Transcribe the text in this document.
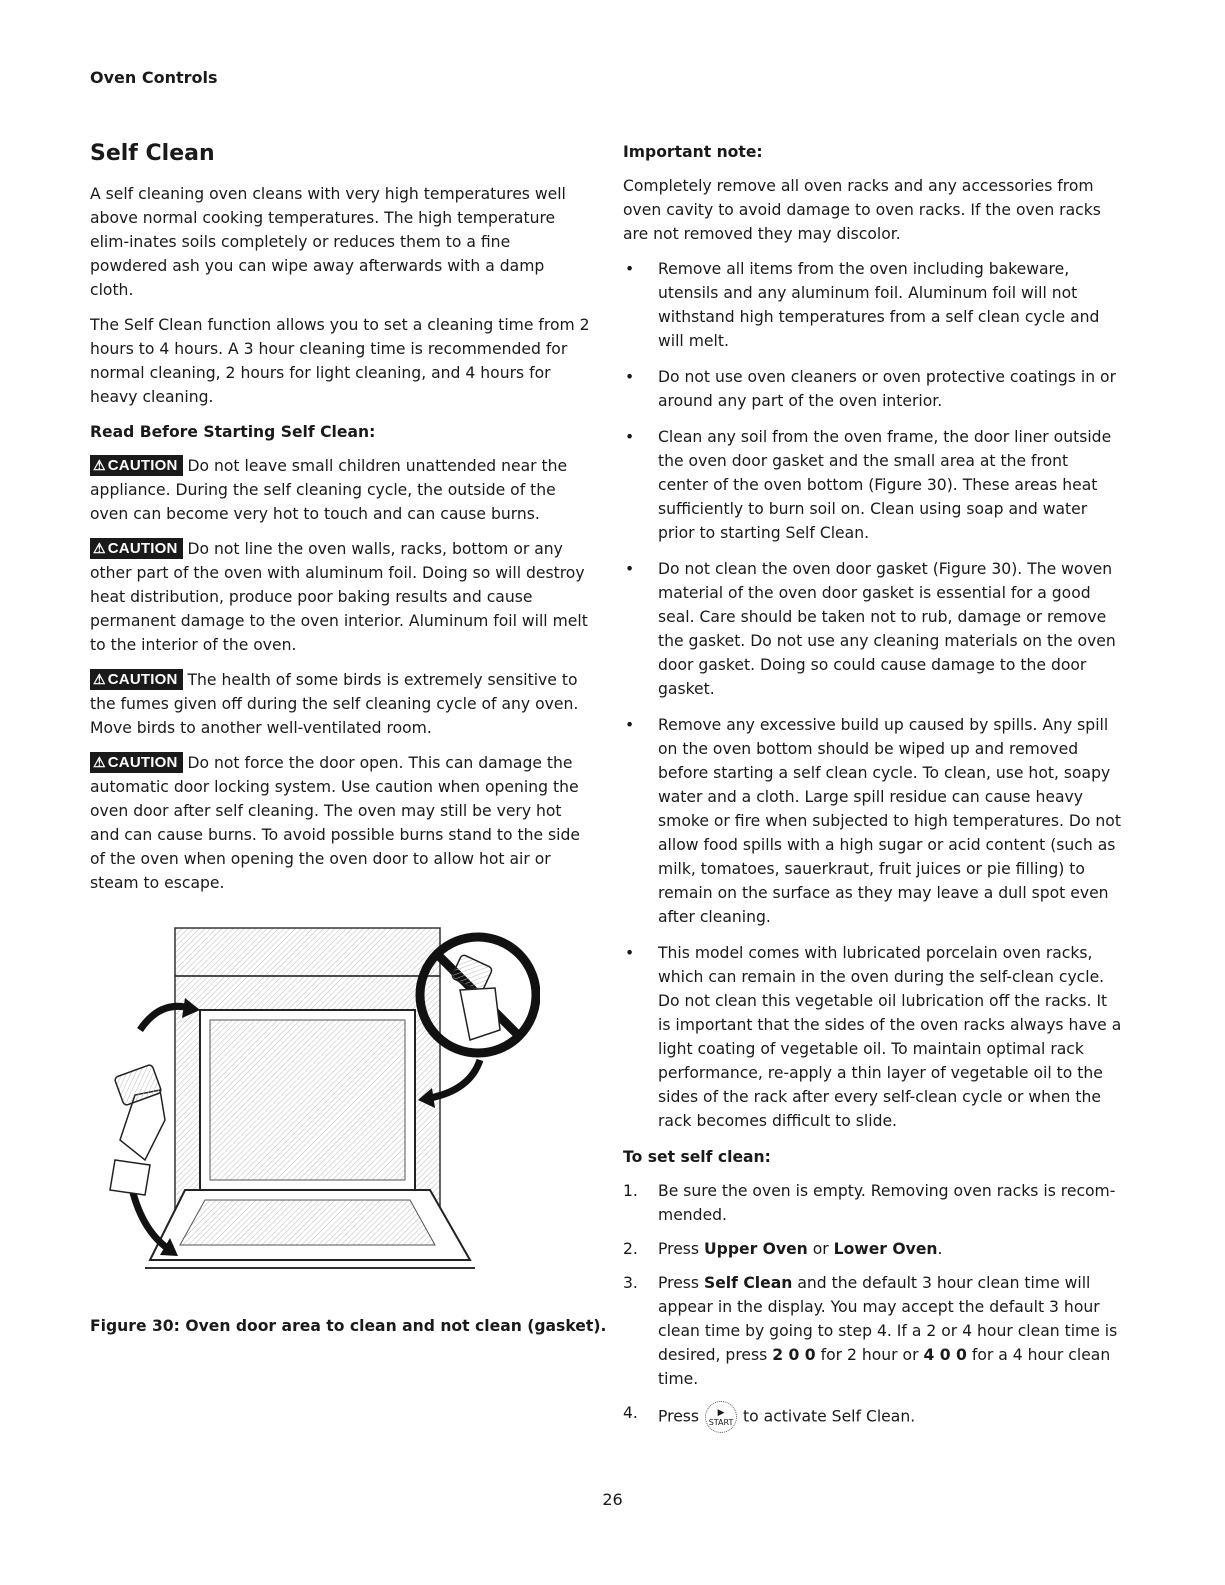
Oven Controls
Self Clean

A self cleaning oven cleans with very high temperatures well above normal cooking temperatures. The high temperature elim-inates soils completely or reduces them to a fine powdered ash you can wipe away afterwards with a damp cloth.

The Self Clean function allows you to set a cleaning time from 2 hours to 4 hours. A 3 hour cleaning time is recommended for normal cleaning, 2 hours for light cleaning, and 4 hours for heavy cleaning.

Read Before Starting Self Clean:

⚠ CAUTION Do not leave small children unattended near the appliance. During the self cleaning cycle, the outside of the oven can become very hot to touch and can cause burns.

⚠ CAUTION Do not line the oven walls, racks, bottom or any other part of the oven with aluminum foil. Doing so will destroy heat distribution, produce poor baking results and cause permanent damage to the oven interior. Aluminum foil will melt to the interior of the oven.

⚠ CAUTION The health of some birds is extremely sensitive to the fumes given off during the self cleaning cycle of any oven. Move birds to another well-ventilated room.

⚠ CAUTION Do not force the door open. This can damage the automatic door locking system. Use caution when opening the oven door after self cleaning. The oven may still be very hot and can cause burns. To avoid possible burns stand to the side of the oven when opening the oven door to allow hot air or steam to escape.

Figure 30: Oven door area to clean and not clean (gasket).

Important note:

Completely remove all oven racks and any accessories from oven cavity to avoid damage to oven racks. If the oven racks are not removed they may discolor.

• Remove all items from the oven including bakeware, utensils and any aluminum foil. Aluminum foil will not withstand high temperatures from a self clean cycle and will melt.
• Do not use oven cleaners or oven protective coatings in or around any part of the oven interior.
• Clean any soil from the oven frame, the door liner outside the oven door gasket and the small area at the front center of the oven bottom (Figure 30). These areas heat sufficiently to burn soil on. Clean using soap and water prior to starting Self Clean.
• Do not clean the oven door gasket (Figure 30). The woven material of the oven door gasket is essential for a good seal. Care should be taken not to rub, damage or remove the gasket. Do not use any cleaning materials on the oven door gasket. Doing so could cause damage to the door gasket.
• Remove any excessive build up caused by spills. Any spill on the oven bottom should be wiped up and removed before starting a self clean cycle. To clean, use hot, soapy water and a cloth. Large spill residue can cause heavy smoke or fire when subjected to high temperatures. Do not allow food spills with a high sugar or acid content (such as milk, tomatoes, sauerkraut, fruit juices or pie filling) to remain on the surface as they may leave a dull spot even after cleaning.
• This model comes with lubricated porcelain oven racks, which can remain in the oven during the self-clean cycle. Do not clean this vegetable oil lubrication off the racks. It is important that the sides of the oven racks always have a light coating of vegetable oil. To maintain optimal rack performance, re-apply a thin layer of vegetable oil to the sides of the rack after every self-clean cycle or when the rack becomes difficult to slide.

To set self clean:

1. Be sure the oven is empty. Removing oven racks is recom-mended.
2. Press Upper Oven or Lower Oven.
3. Press Self Clean and the default 3 hour clean time will appear in the display. You may accept the default 3 hour clean time by going to step 4. If a 2 or 4 hour clean time is desired, press 2 0 0 for 2 hour or 4 0 0 for a 4 hour clean time.
4. Press	▶
START to activate Self Clean.
26
